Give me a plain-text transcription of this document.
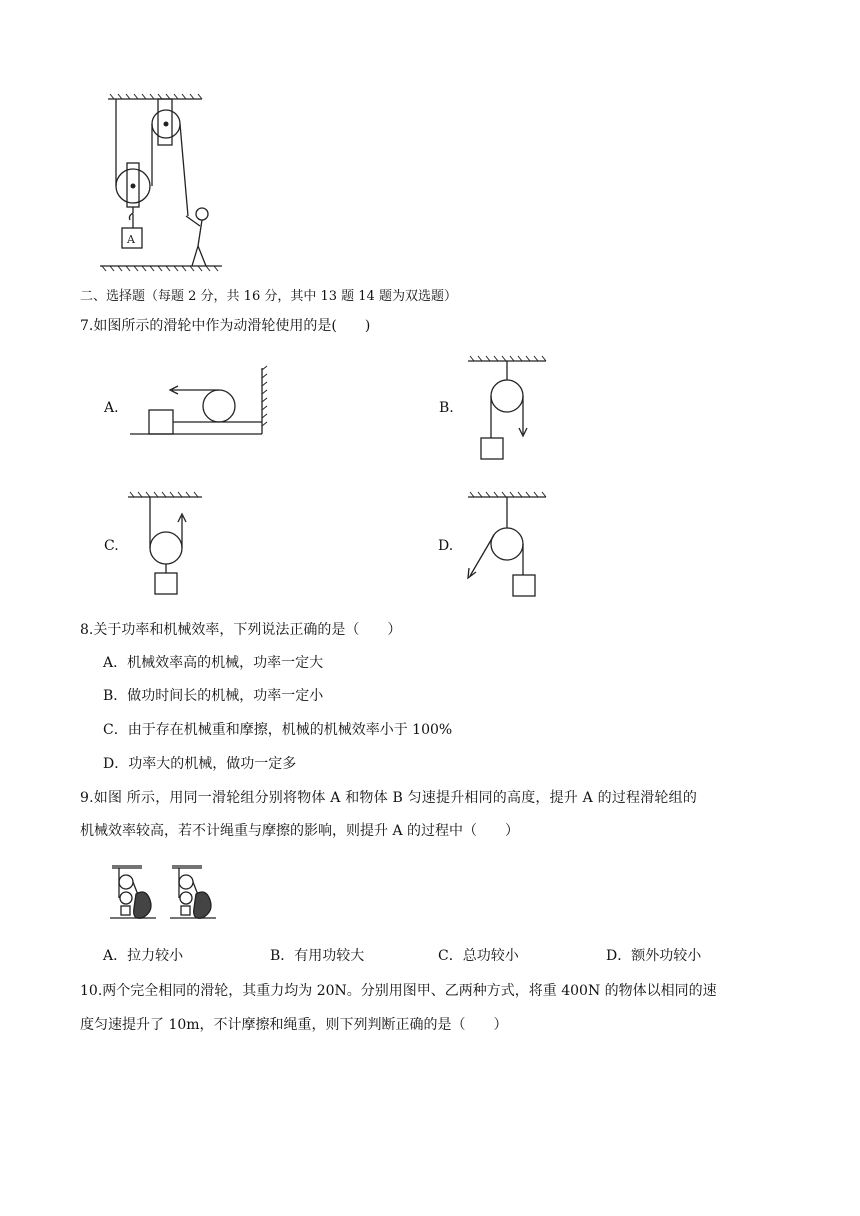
A
二、选择题（每题 2 分，共 16 分，其中 13 题 14 题为双选题）
7.如图所示的滑轮中作为动滑轮使用的是(　　)
A.	B.
C.	D.
8.关于功率和机械效率，下列说法正确的是（　　）
A．机械效率高的机械，功率一定大
B．做功时间长的机械，功率一定小
C．由于存在机械重和摩擦，机械的机械效率小于 100%
D．功率大的机械，做功一定多
9.如图 所示，用同一滑轮组分别将物体 A 和物体 B 匀速提升相同的高度，提升 A 的过程滑轮组的
机械效率较高，若不计绳重与摩擦的影响，则提升 A 的过程中（　　）
A．拉力较小	B．有用功较大	C．总功较小	D．额外功较小
10.两个完全相同的滑轮，其重力均为 20N。分别用图甲、乙两种方式，将重 400N 的物体以相同的速
度匀速提升了 10m，不计摩擦和绳重，则下列判断正确的是（　　）
